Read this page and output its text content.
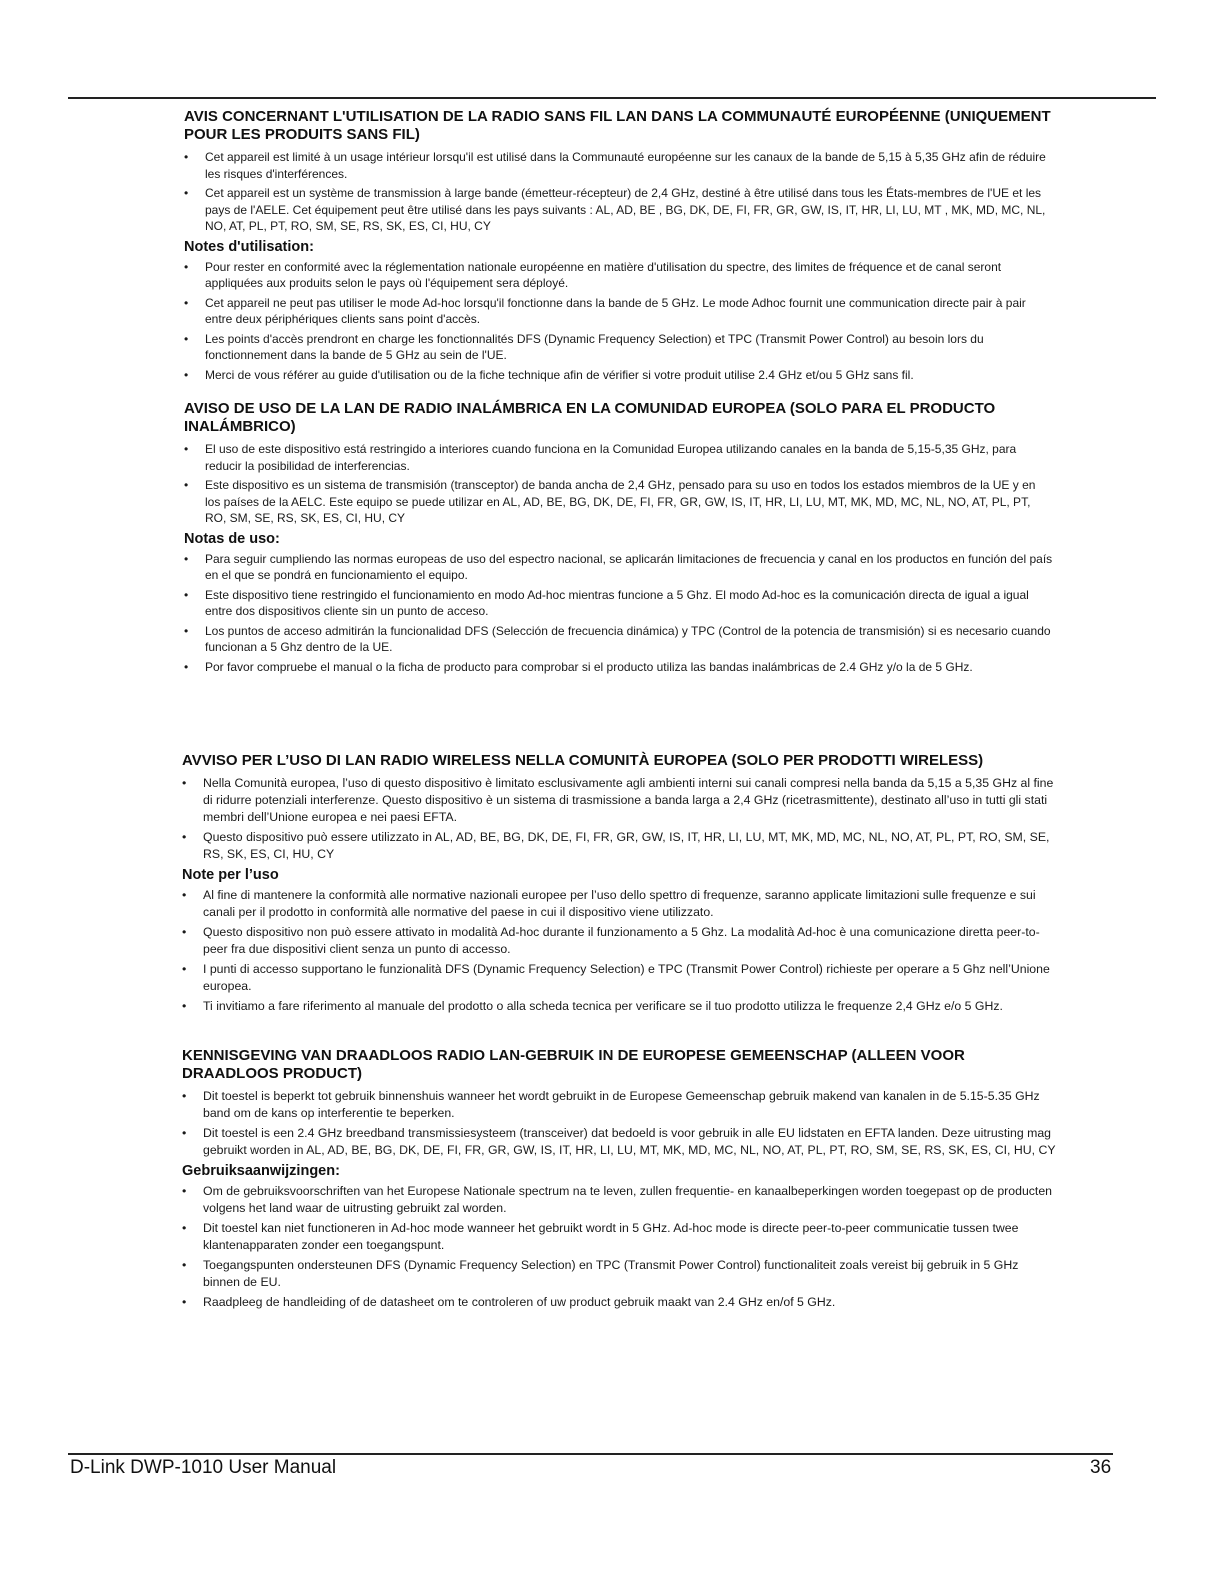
AVIS CONCERNANT L'UTILISATION DE LA RADIO SANS FIL LAN DANS LA COMMUNAUTÉ EUROPÉENNE (UNIQUEMENT POUR LES PRODUITS SANS FIL)
• Cet appareil est limité à un usage intérieur lorsqu'il est utilisé dans la Communauté européenne sur les canaux de la bande de 5,15 à 5,35 GHz afin de réduire les risques d'interférences.
• Cet appareil est un système de transmission à large bande (émetteur-récepteur) de 2,4 GHz, destiné à être utilisé dans tous les États-membres de l'UE et les pays de l'AELE. Cet équipement peut être utilisé dans les pays suivants : AL, AD, BE , BG, DK, DE, FI, FR, GR, GW, IS, IT, HR, LI, LU, MT , MK, MD, MC, NL, NO, AT, PL, PT, RO, SM, SE, RS, SK, ES, CI, HU, CY
Notes d'utilisation:
• Pour rester en conformité avec la réglementation nationale européenne en matière d'utilisation du spectre, des limites de fréquence et de canal seront appliquées aux produits selon le pays où l'équipement sera déployé.
• Cet appareil ne peut pas utiliser le mode Ad-hoc lorsqu'il fonctionne dans la bande de 5 GHz. Le mode Adhoc fournit une communication directe pair à pair entre deux périphériques clients sans point d'accès.
• Les points d'accès prendront en charge les fonctionnalités DFS (Dynamic Frequency Selection) et TPC (Transmit Power Control) au besoin lors du fonctionnement dans la bande de 5 GHz au sein de l'UE.
• Merci de vous référer au guide d'utilisation ou de la fiche technique afin de vérifier si votre produit utilise 2.4 GHz et/ou 5 GHz sans fil.
AVISO DE USO DE LA LAN DE RADIO INALÁMBRICA EN LA COMUNIDAD EUROPEA (SOLO PARA EL PRODUCTO INALÁMBRICO)
• El uso de este dispositivo está restringido a interiores cuando funciona en la Comunidad Europea utilizando canales en la banda de 5,15-5,35 GHz, para reducir la posibilidad de interferencias.
• Este dispositivo es un sistema de transmisión (transceptor) de banda ancha de 2,4 GHz, pensado para su uso en todos los estados miembros de la UE y en los países de la AELC. Este equipo se puede utilizar en AL, AD, BE, BG, DK, DE, FI, FR, GR, GW, IS, IT, HR, LI, LU, MT, MK, MD, MC, NL, NO, AT, PL, PT, RO, SM, SE, RS, SK, ES, CI, HU, CY
Notas de uso:
• Para seguir cumpliendo las normas europeas de uso del espectro nacional, se aplicarán limitaciones de frecuencia y canal en los productos en función del país en el que se pondrá en funcionamiento el equipo.
• Este dispositivo tiene restringido el funcionamiento en modo Ad-hoc mientras funcione a 5 Ghz. El modo Ad-hoc es la comunicación directa de igual a igual entre dos dispositivos cliente sin un punto de acceso.
• Los puntos de acceso admitirán la funcionalidad DFS (Selección de frecuencia dinámica) y TPC (Control de la potencia de transmisión) si es necesario cuando funcionan a 5 Ghz dentro de la UE.
• Por favor compruebe el manual o la ficha de producto para comprobar si el producto utiliza las bandas inalámbricas de 2.4 GHz y/o la de 5 GHz.
AVVISO PER L’USO DI LAN RADIO WIRELESS NELLA COMUNITÀ EUROPEA (SOLO PER PRODOTTI WIRELESS)
• Nella Comunità europea, l’uso di questo dispositivo è limitato esclusivamente agli ambienti interni sui canali compresi nella banda da 5,15 a 5,35 GHz al fine di ridurre potenziali interferenze. Questo dispositivo è un sistema di trasmissione a banda larga a 2,4 GHz (ricetrasmittente), destinato all’uso in tutti gli stati membri dell’Unione europea e nei paesi EFTA.
• Questo dispositivo può essere utilizzato in AL, AD, BE, BG, DK, DE, FI, FR, GR, GW, IS, IT, HR, LI, LU, MT, MK, MD, MC, NL, NO, AT, PL, PT, RO, SM, SE, RS, SK, ES, CI, HU, CY
Note per l’uso
• Al fine di mantenere la conformità alle normative nazionali europee per l’uso dello spettro di frequenze, saranno applicate limitazioni sulle frequenze e sui canali per il prodotto in conformità alle normative del paese in cui il dispositivo viene utilizzato.
• Questo dispositivo non può essere attivato in modalità Ad-hoc durante il funzionamento a 5 Ghz. La modalità Ad-hoc è una comunicazione diretta peer-to-peer fra due dispositivi client senza un punto di accesso.
• I punti di accesso supportano le funzionalità DFS (Dynamic Frequency Selection) e TPC (Transmit Power Control) richieste per operare a 5 Ghz nell’Unione europea.
• Ti invitiamo a fare riferimento al manuale del prodotto o alla scheda tecnica per verificare se il tuo prodotto utilizza le frequenze 2,4 GHz e/o 5 GHz.
KENNISGEVING VAN DRAADLOOS RADIO LAN-GEBRUIK IN DE EUROPESE GEMEENSCHAP (ALLEEN VOOR DRAADLOOS PRODUCT)
• Dit toestel is beperkt tot gebruik binnenshuis wanneer het wordt gebruikt in de Europese Gemeenschap gebruik makend van kanalen in de 5.15-5.35 GHz band om de kans op interferentie te beperken.
• Dit toestel is een 2.4 GHz breedband transmissiesysteem (transceiver) dat bedoeld is voor gebruik in alle EU lidstaten en EFTA landen. Deze uitrusting mag gebruikt worden in AL, AD, BE, BG, DK, DE, FI, FR, GR, GW, IS, IT, HR, LI, LU, MT, MK, MD, MC, NL, NO, AT, PL, PT, RO, SM, SE, RS, SK, ES, CI, HU, CY
Gebruiksaanwijzingen:
• Om de gebruiksvoorschriften van het Europese Nationale spectrum na te leven, zullen frequentie- en kanaalbeperkingen worden toegepast op de producten volgens het land waar de uitrusting gebruikt zal worden.
• Dit toestel kan niet functioneren in Ad-hoc mode wanneer het gebruikt wordt in 5 GHz. Ad-hoc mode is directe peer-to-peer communicatie tussen twee klantenapparaten zonder een toegangspunt.
• Toegangspunten ondersteunen DFS (Dynamic Frequency Selection) en TPC (Transmit Power Control) functionaliteit zoals vereist bij gebruik in 5 GHz binnen de EU.
• Raadpleeg de handleiding of de datasheet om te controleren of uw product gebruik maakt van 2.4 GHz en/of 5 GHz.
D-Link DWP-1010 User Manual	36
